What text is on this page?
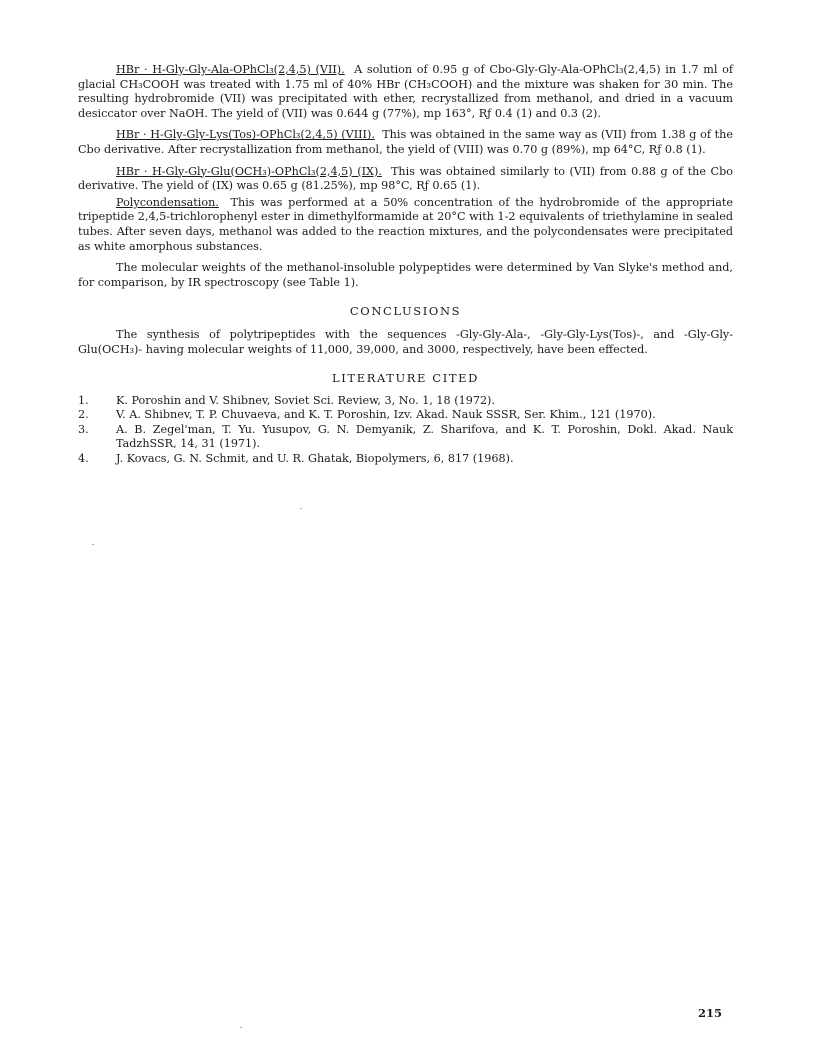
HBr · H-Gly-Gly-Ala-OPhCl₃(2,4,5) (VII). A solution of 0.95 g of Cbo-Gly-Gly-Ala-OPhCl₃(2,4,5) in 1.7 ml of glacial CH₃COOH was treated with 1.75 ml of 40% HBr (CH₃COOH) and the mixture was shaken for 30 min. The resulting hydrobromide (VII) was precipitated with ether, recrystallized from methanol, and dried in a vacuum desiccator over NaOH. The yield of (VII) was 0.644 g (77%), mp 163°, Rƒ 0.4 (1) and 0.3 (2).

HBr · H-Gly-Gly-Lys(Tos)-OPhCl₃(2,4,5) (VIII). This was obtained in the same way as (VII) from 1.38 g of the Cbo derivative. After recrystallization from methanol, the yield of (VIII) was 0.70 g (89%), mp 64°C, Rƒ 0.8 (1).

HBr · H-Gly-Gly-Glu(OCH₃)-OPhCl₃(2,4,5) (IX). This was obtained similarly to (VII) from 0.88 g of the Cbo derivative. The yield of (IX) was 0.65 g (81.25%), mp 98°C, Rƒ 0.65 (1).

Polycondensation. This was performed at a 50% concentration of the hydrobromide of the appropriate tripeptide 2,4,5-trichlorophenyl ester in dimethylformamide at 20°C with 1-2 equivalents of triethylamine in sealed tubes. After seven days, methanol was added to the reaction mixtures, and the polycondensates were precipitated as white amorphous substances.

The molecular weights of the methanol-insoluble polypeptides were determined by Van Slyke's method and, for comparison, by IR spectroscopy (see Table 1).

CONCLUSIONS

The synthesis of polytripeptides with the sequences -Gly-Gly-Ala-, -Gly-Gly-Lys(Tos)-, and -Gly-Gly-Glu(OCH₃)- having molecular weights of 11,000, 39,000, and 3000, respectively, have been effected.

LITERATURE CITED

1. K. Poroshin and V. Shibnev, Soviet Sci. Review, 3, No. 1, 18 (1972).
2. V. A. Shibnev, T. P. Chuvaeva, and K. T. Poroshin, Izv. Akad. Nauk SSSR, Ser. Khim., 121 (1970).
3. A. B. Zegel'man, T. Yu. Yusupov, G. N. Demyanik, Z. Sharifova, and K. T. Poroshin, Dokl. Akad. Nauk TadzhSSR, 14, 31 (1971).
4. J. Kovacs, G. N. Schmit, and U. R. Ghatak, Biopolymers, 6, 817 (1968).
215
